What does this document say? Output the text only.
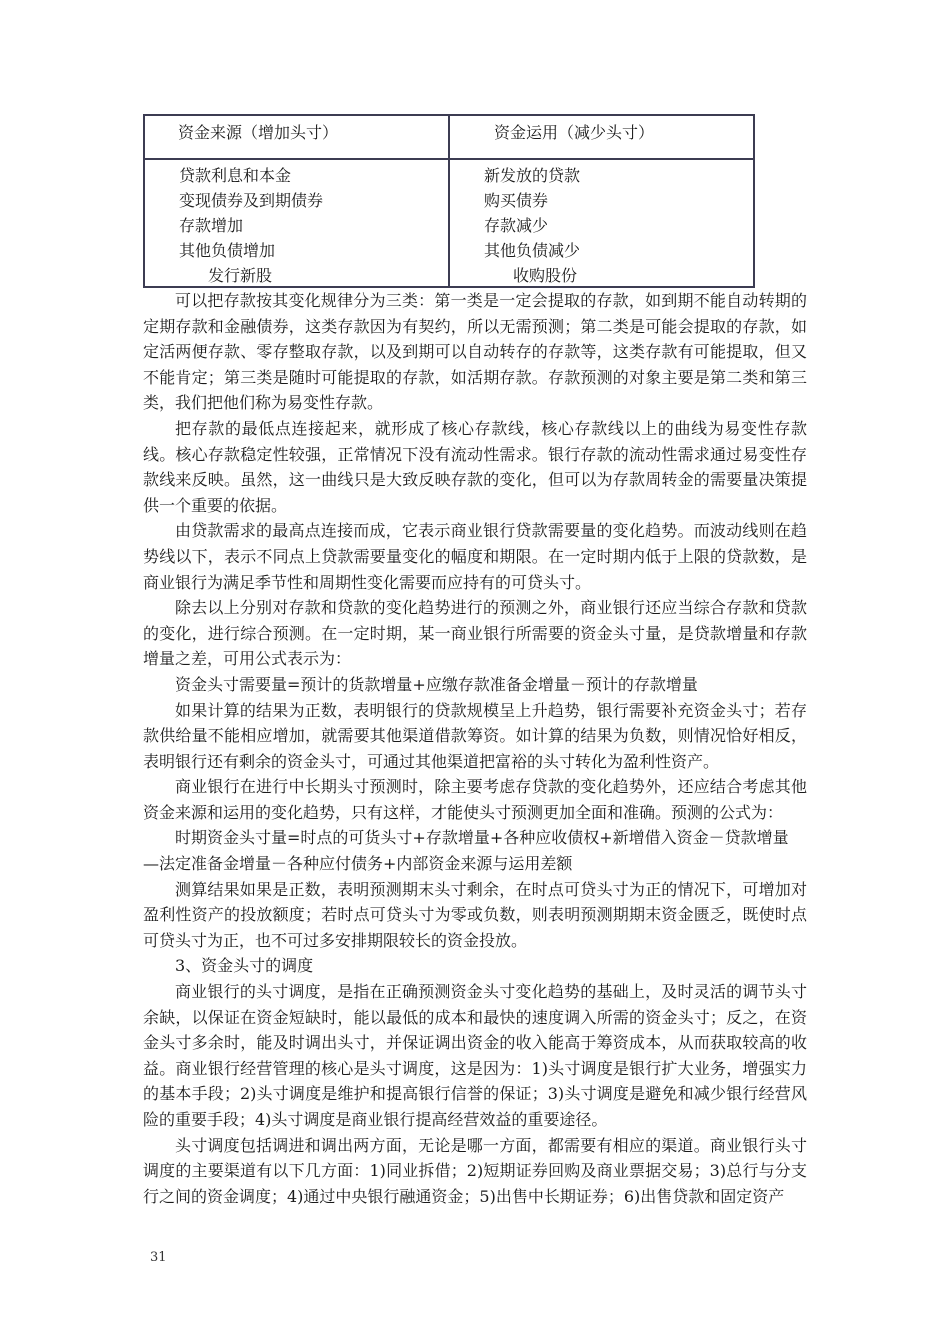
资金来源（增加头寸）	资金运用（减少头寸）
贷款利息和本金
变现债券及到期债券
存款增加
其他负债增加
发行新股
新发放的贷款
购买债券
存款减少
其他负债减少
收购股份

可以把存款按其变化规律分为三类：第一类是一定会提取的存款，如到期不能自动转期的定期存款和金融债券，这类存款因为有契约，所以无需预测；第二类是可能会提取的存款，如定活两便存款、零存整取存款，以及到期可以自动转存的存款等，这类存款有可能提取，但又不能肯定；第三类是随时可能提取的存款，如活期存款。存款预测的对象主要是第二类和第三类，我们把他们称为易变性存款。

把存款的最低点连接起来，就形成了核心存款线，核心存款线以上的曲线为易变性存款线。核心存款稳定性较强，正常情况下没有流动性需求。银行存款的流动性需求通过易变性存款线来反映。虽然，这一曲线只是大致反映存款的变化，但可以为存款周转金的需要量决策提供一个重要的依据。

由贷款需求的最高点连接而成，它表示商业银行贷款需要量的变化趋势。而波动线则在趋势线以下，表示不同点上贷款需要量变化的幅度和期限。在一定时期内低于上限的贷款数，是商业银行为满足季节性和周期性变化需要而应持有的可贷头寸。

除去以上分别对存款和贷款的变化趋势进行的预测之外，商业银行还应当综合存款和贷款的变化，进行综合预测。在一定时期，某一商业银行所需要的资金头寸量，是贷款增量和存款增量之差，可用公式表示为：

资金头寸需要量=预计的货款增量+应缴存款准备金增量－预计的存款增量

如果计算的结果为正数，表明银行的贷款规模呈上升趋势，银行需要补充资金头寸；若存款供给量不能相应增加，就需要其他渠道借款筹资。如计算的结果为负数，则情况恰好相反，表明银行还有剩余的资金头寸，可通过其他渠道把富裕的头寸转化为盈利性资产。

商业银行在进行中长期头寸预测时，除主要考虑存贷款的变化趋势外，还应结合考虑其他资金来源和运用的变化趋势，只有这样，才能使头寸预测更加全面和准确。预测的公式为：

时期资金头寸量=时点的可货头寸+存款增量+各种应收债权+新增借入资金－贷款增量

—法定准备金增量－各种应付债务+内部资金来源与运用差额

测算结果如果是正数，表明预测期末头寸剩余，在时点可贷头寸为正的情况下，可增加对盈利性资产的投放额度；若时点可贷头寸为零或负数，则表明预测期期末资金匮乏，既使时点可贷头寸为正，也不可过多安排期限较长的资金投放。

3、资金头寸的调度

商业银行的头寸调度，是指在正确预测资金头寸变化趋势的基础上，及时灵活的调节头寸余缺，以保证在资金短缺时，能以最低的成本和最快的速度调入所需的资金头寸；反之，在资金头寸多余时，能及时调出头寸，并保证调出资金的收入能高于筹资成本，从而获取较高的收益。商业银行经营管理的核心是头寸调度，这是因为：1)头寸调度是银行扩大业务，增强实力的基本手段；2)头寸调度是维护和提高银行信誉的保证；3)头寸调度是避免和减少银行经营风险的重要手段；4)头寸调度是商业银行提高经营效益的重要途径。

头寸调度包括调进和调出两方面，无论是哪一方面，都需要有相应的渠道。商业银行头寸调度的主要渠道有以下几方面：1)同业拆借；2)短期证券回购及商业票据交易；3)总行与分支行之间的资金调度；4)通过中央银行融通资金；5)出售中长期证券；6)出售贷款和固定资产

31
